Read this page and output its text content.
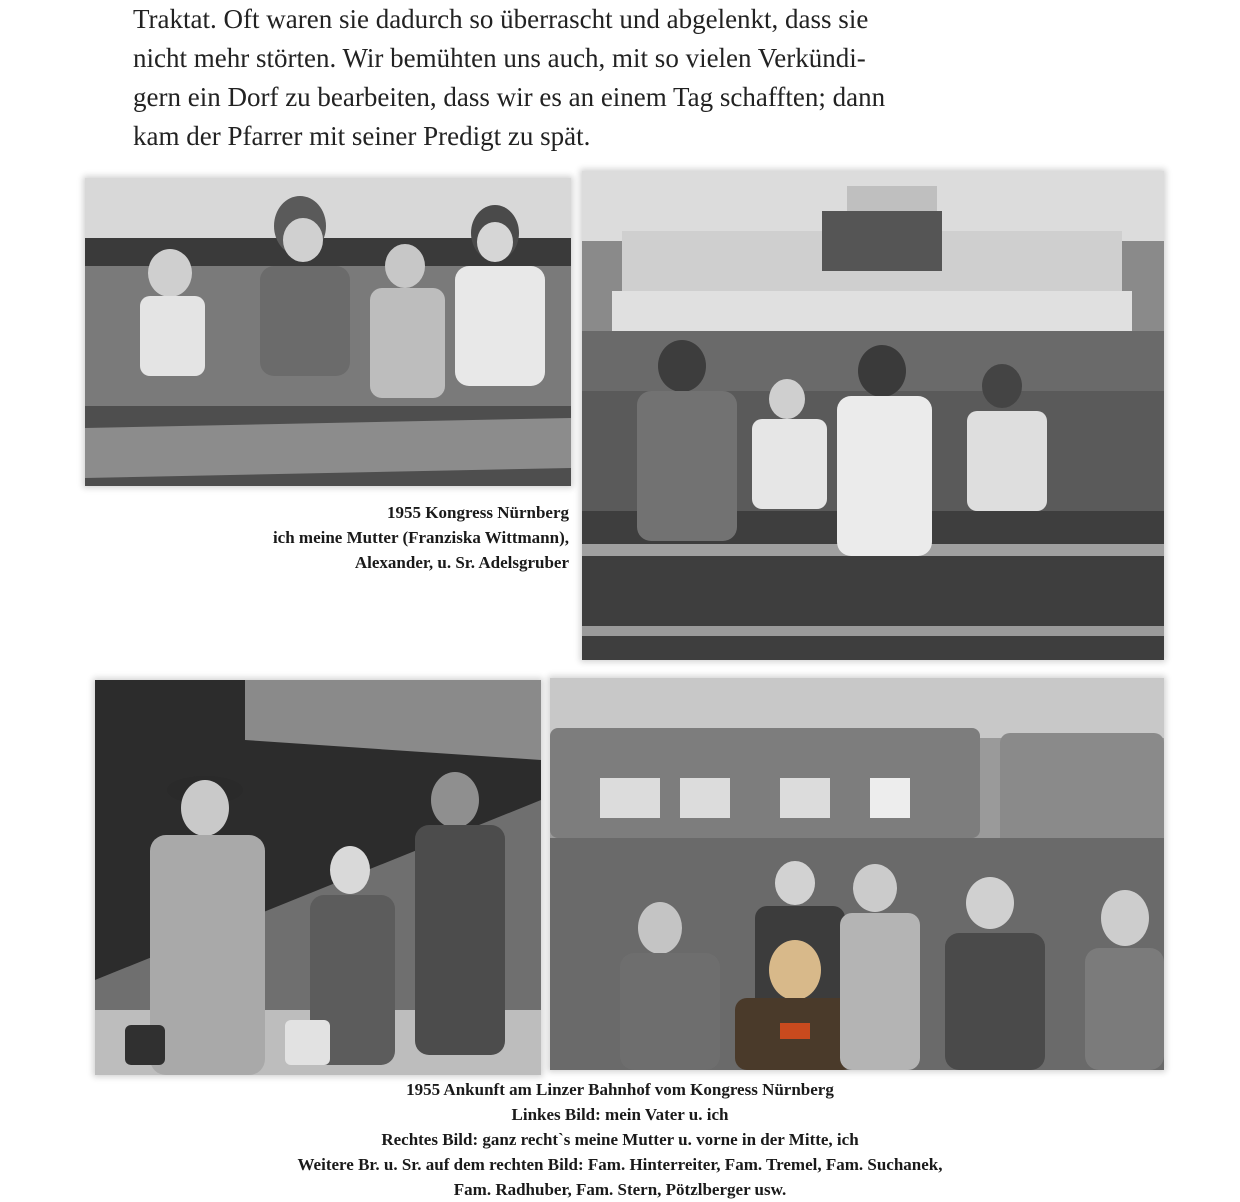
Traktat. Oft waren sie dadurch so überrascht und abgelenkt, dass sie
nicht mehr störten. Wir bemühten uns auch, mit so vielen Verkündi-
gern ein Dorf zu bearbeiten, dass wir es an einem Tag schafften; dann
kam der Pfarrer mit seiner Predigt zu spät.
1955 Kongress Nürnberg
ich meine Mutter (Franziska Wittmann),
Alexander, u. Sr. Adelsgruber
1955 Ankunft am Linzer Bahnhof vom Kongress Nürnberg
Linkes Bild: mein Vater u. ich
Rechtes Bild: ganz recht`s meine Mutter u. vorne in der Mitte, ich
Weitere Br. u. Sr. auf dem rechten Bild: Fam. Hinterreiter, Fam. Tremel, Fam. Suchanek,
Fam. Radhuber, Fam. Stern, Pötzlberger usw.
